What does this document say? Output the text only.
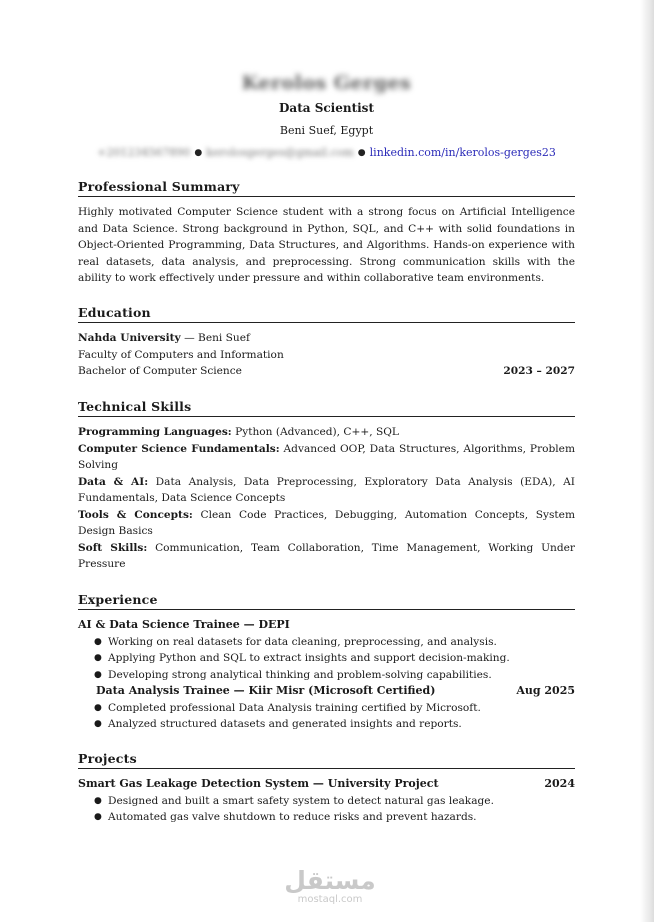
Kerolos Gerges
Data Scientist
Beni Suef, Egypt
+201234567890 ● kerolosgerges@gmail.com ● linkedin.com/in/kerolos-gerges23
Professional Summary
Highly motivated Computer Science student with a strong focus on Artificial Intelligence and Data Science. Strong background in Python, SQL, and C++ with solid foundations in Object-Oriented Programming, Data Structures, and Algorithms. Hands-on experience with real datasets, data analysis, and preprocessing. Strong communication skills with the ability to work effectively under pressure and within collaborative team environments.
Education
Nahda University — Beni Suef
Faculty of Computers and Information
Bachelor of Computer Science	2023 – 2027
Technical Skills
Programming Languages: Python (Advanced), C++, SQL
Computer Science Fundamentals: Advanced OOP, Data Structures, Algorithms, Problem Solving
Data & AI: Data Analysis, Data Preprocessing, Exploratory Data Analysis (EDA), AI Fundamentals, Data Science Concepts
Tools & Concepts: Clean Code Practices, Debugging, Automation Concepts, System Design Basics
Soft Skills: Communication, Team Collaboration, Time Management, Working Under Pressure
Experience
AI & Data Science Trainee — DEPI
● Working on real datasets for data cleaning, preprocessing, and analysis.
● Applying Python and SQL to extract insights and support decision-making.
● Developing strong analytical thinking and problem-solving capabilities.
Data Analysis Trainee — Kiir Misr (Microsoft Certified)	Aug 2025
● Completed professional Data Analysis training certified by Microsoft.
● Analyzed structured datasets and generated insights and reports.
Projects
Smart Gas Leakage Detection System — University Project	2024
● Designed and built a smart safety system to detect natural gas leakage.
● Automated gas valve shutdown to reduce risks and prevent hazards.
مستقل
mostaql.com
